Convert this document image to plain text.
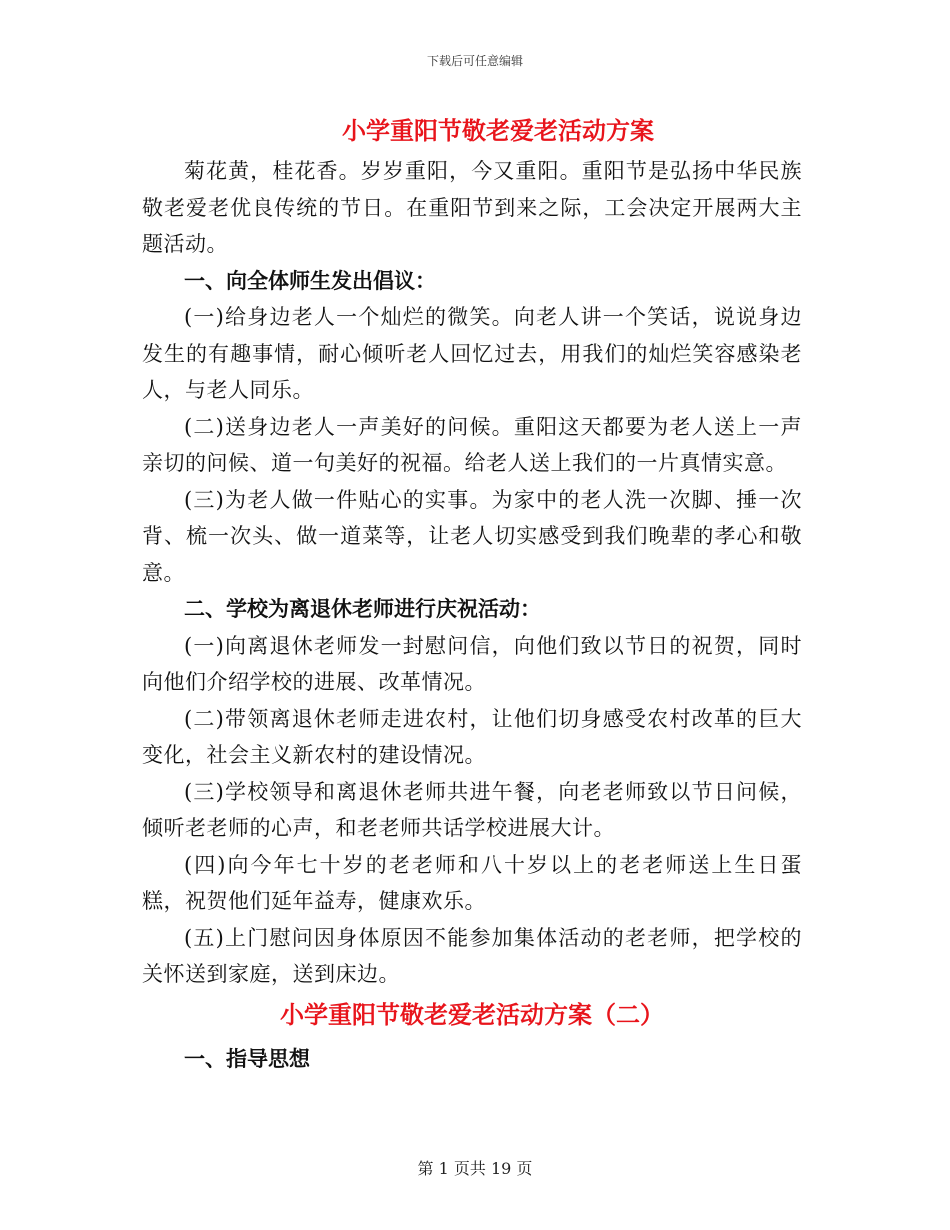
下载后可任意编辑
小学重阳节敬老爱老活动方案

菊花黄，桂花香。岁岁重阳，今又重阳。重阳节是弘扬中华民族敬老爱老优良传统的节日。在重阳节到来之际，工会决定开展两大主题活动。

一、向全体师生发出倡议：

(一)给身边老人一个灿烂的微笑。向老人讲一个笑话，说说身边发生的有趣事情，耐心倾听老人回忆过去，用我们的灿烂笑容感染老人，与老人同乐。

(二)送身边老人一声美好的问候。重阳这天都要为老人送上一声亲切的问候、道一句美好的祝福。给老人送上我们的一片真情实意。

(三)为老人做一件贴心的实事。为家中的老人洗一次脚、捶一次背、梳一次头、做一道菜等，让老人切实感受到我们晚辈的孝心和敬意。

二、学校为离退休老师进行庆祝活动：

(一)向离退休老师发一封慰问信，向他们致以节日的祝贺，同时向他们介绍学校的进展、改革情况。

(二)带领离退休老师走进农村，让他们切身感受农村改革的巨大变化，社会主义新农村的建设情况。

(三)学校领导和离退休老师共进午餐，向老老师致以节日问候，倾听老老师的心声，和老老师共话学校进展大计。

(四)向今年七十岁的老老师和八十岁以上的老老师送上生日蛋糕，祝贺他们延年益寿，健康欢乐。

(五)上门慰问因身体原因不能参加集体活动的老老师，把学校的关怀送到家庭，送到床边。

小学重阳节敬老爱老活动方案（二）

一、指导思想

第 1 页共 19 页
